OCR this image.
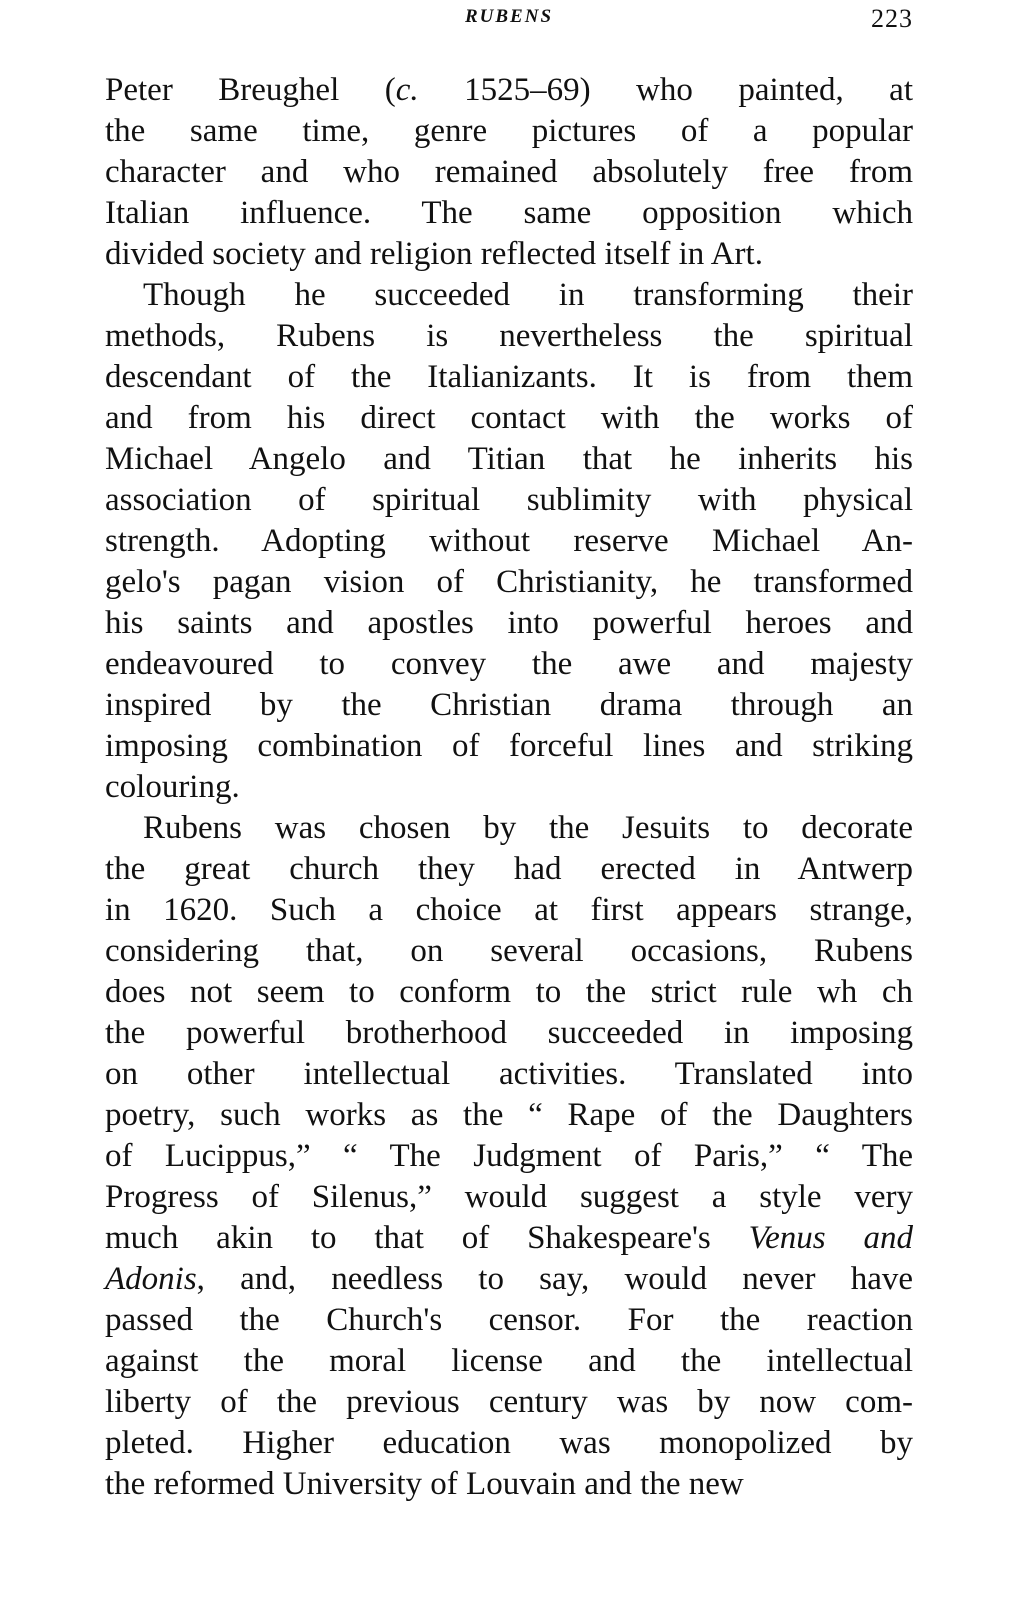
RUBENS	223
Peter Breughel (c. 1525–69) who painted, at
the same time, genre pictures of a popular
character and who remained absolutely free from
Italian influence. The same opposition which
divided society and religion reflected itself in Art.
Though he succeeded in transforming their
methods, Rubens is nevertheless the spiritual
descendant of the Italianizants. It is from them
and from his direct contact with the works of
Michael Angelo and Titian that he inherits his
association of spiritual sublimity with physical
strength. Adopting without reserve Michael An-
gelo's pagan vision of Christianity, he transformed
his saints and apostles into powerful heroes and
endeavoured to convey the awe and majesty
inspired by the Christian drama through an
imposing combination of forceful lines and striking
colouring.
Rubens was chosen by the Jesuits to decorate
the great church they had erected in Antwerp
in 1620. Such a choice at first appears strange,
considering that, on several occasions, Rubens
does not seem to conform to the strict rule wh ch
the powerful brotherhood succeeded in imposing
on other intellectual activities. Translated into
poetry, such works as the “ Rape of the Daughters
of Lucippus,” “ The Judgment of Paris,” “ The
Progress of Silenus,” would suggest a style very
much akin to that of Shakespeare's Venus and
Adonis, and, needless to say, would never have
passed the Church's censor. For the reaction
against the moral license and the intellectual
liberty of the previous century was by now com-
pleted. Higher education was monopolized by
the reformed University of Louvain and the new
